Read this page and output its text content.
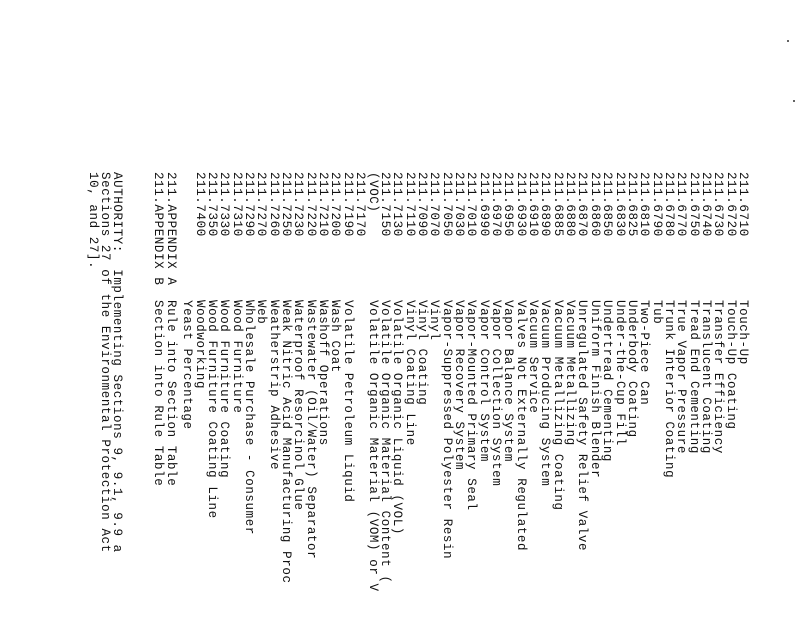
211.6710Touch-Up
211.6720Touch-Up Coating
211.6730Transfer Efficiency
211.6740Translucent Coating
211.6750Tread End Cementing
211.6770True Vapor Pressure
211.6780Trunk Interior Coating
211.6790Tub
211.6810Two-Piece Can
211.6825Underbody Coating
211.6830Under-the-Cup Fill
211.6850Undertread Cementing
211.6860Uniform Finish Blender
211.6870Unregulated Safety Relief Valve
211.6880Vacuum Metallizing
211.6885Vacuum Metallizing Coating
211.6890Vacuum Producing System
211.6910Vacuum Service
211.6930Valves Not Externally Regulated
211.6950Vapor Balance System
211.6970Vapor Collection System
211.6990Vapor Control System
211.7010Vapor-Mounted Primary Seal
211.7030Vapor Recovery System
211.7050Vapor-Suppressed Polyester Resin
211.7070Vinyl
211.7090Vinyl Coating
211.7110Vinyl Coating Line
211.7130Volatile Organic Liquid (VOL)
211.7150Volatile Organic Material Content (
(VOC)Volatile Organic Material (VOM) or V
211.7170
211.7190Volatile Petroleum Liquid
211.7200Wash Coat
211.7210Washoff Operations
211.7220Wastewater (Oil/Water) Separator
211.7230Waterproof Resorcinol Glue
211.7250Weak Nitric Acid Manufacturing Proc
211.7260Weatherstrip Adhesive
211.7270Web
211.7290Wholesale Purchase - Consumer
211.7310Wood Furniture
211.7330Wood Furniture Coating
211.7350Wood Furniture Coating Line
211.7400Woodworking
Yeast Percentage
211.APPENDIX ARule into Section Table
211.APPENDIX BSection into Rule Table
AUTHORITY:  Implementing Sections 9, 9.1, 9.9 a
Sections 27 of the Environmental Protection Act
10, and 27].
